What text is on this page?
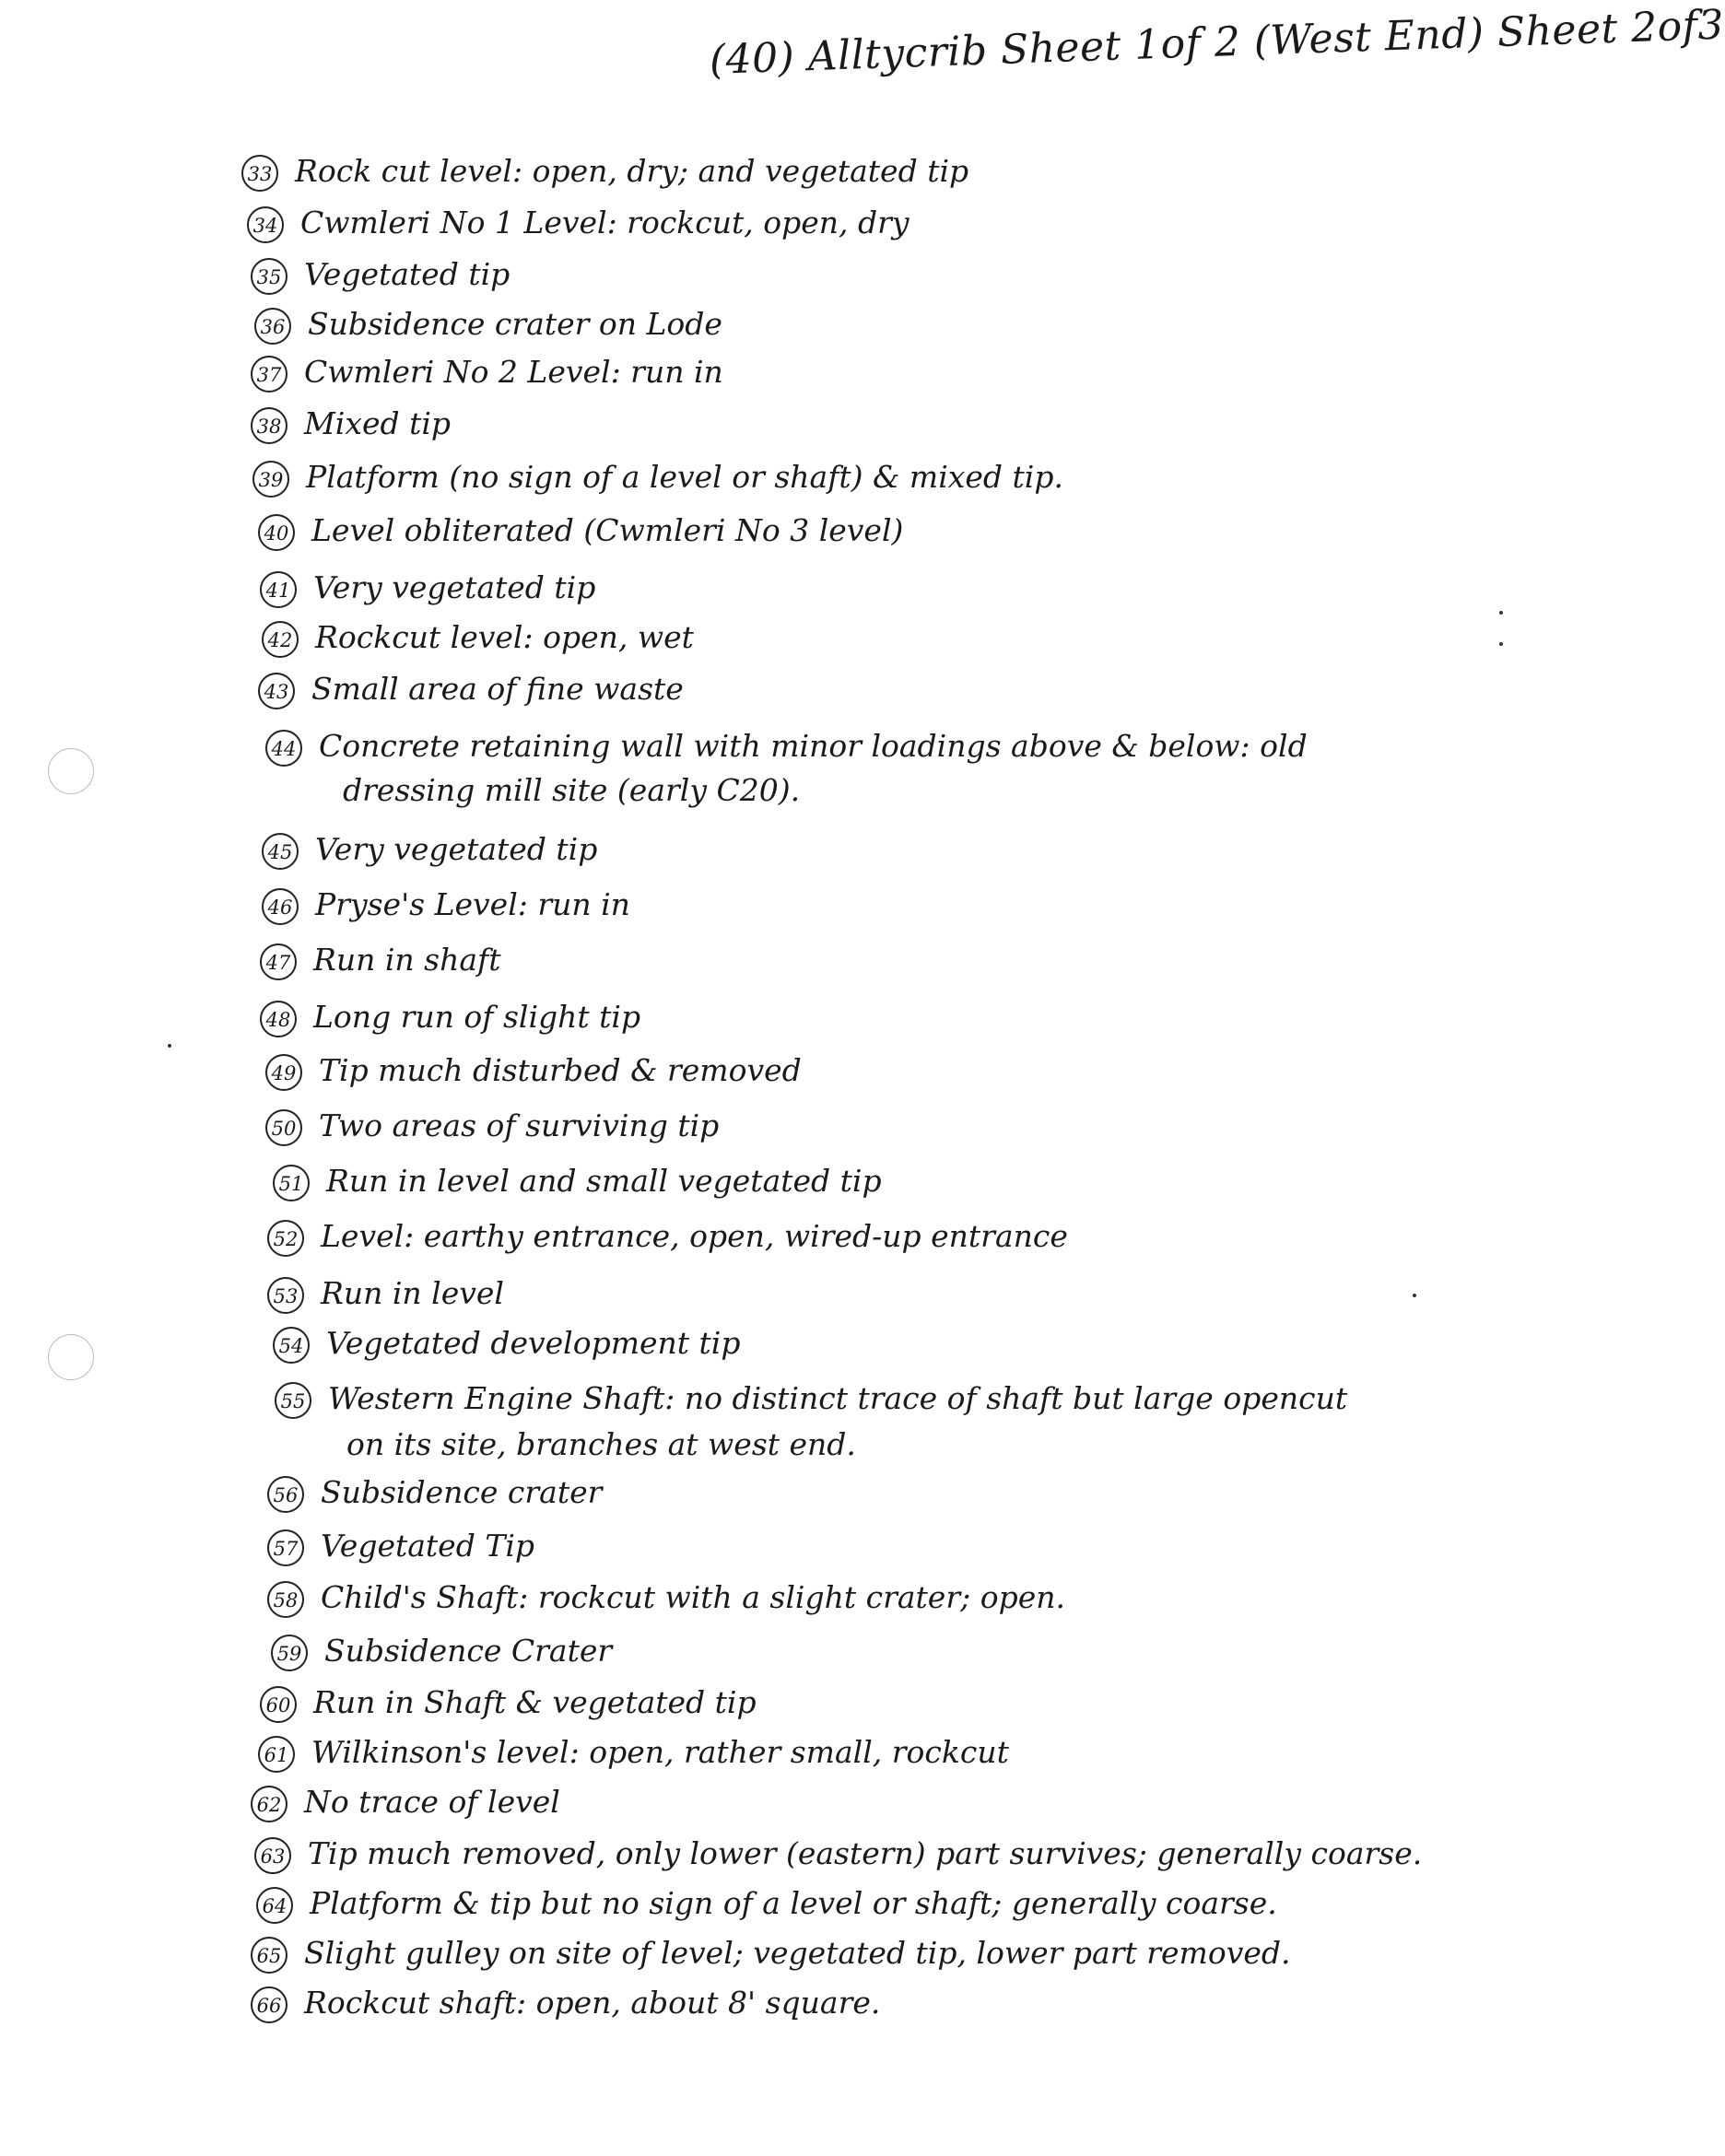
(40) Alltycrib Sheet 1of 2 (West End) Sheet 2of3
33 Rock cut level: open, dry; and vegetated tip
34 Cwmleri No 1 Level: rockcut, open, dry
35 Vegetated tip
36 Subsidence crater on Lode
37 Cwmleri No 2 Level: run in
38 Mixed tip
39 Platform (no sign of a level or shaft) & mixed tip.
40 Level obliterated (Cwmleri No 3 level)
41 Very vegetated tip
42 Rockcut level: open, wet
43 Small area of fine waste
44 Concrete retaining wall with minor loadings above & below: old
dressing mill site (early C20).
45 Very vegetated tip
46 Pryse's Level: run in
47 Run in shaft
48 Long run of slight tip
49 Tip much disturbed & removed
50 Two areas of surviving tip
51 Run in level and small vegetated tip
52 Level: earthy entrance, open, wired-up entrance
53 Run in level
54 Vegetated development tip
55 Western Engine Shaft: no distinct trace of shaft but large opencut
on its site, branches at west end.
56 Subsidence crater
57 Vegetated Tip
58 Child's Shaft: rockcut with a slight crater; open.
59 Subsidence Crater
60 Run in Shaft & vegetated tip
61 Wilkinson's level: open, rather small, rockcut
62 No trace of level
63 Tip much removed, only lower (eastern) part survives; generally coarse.
64 Platform & tip but no sign of a level or shaft; generally coarse.
65 Slight gulley on site of level; vegetated tip, lower part removed.
66 Rockcut shaft: open, about 8' square.
